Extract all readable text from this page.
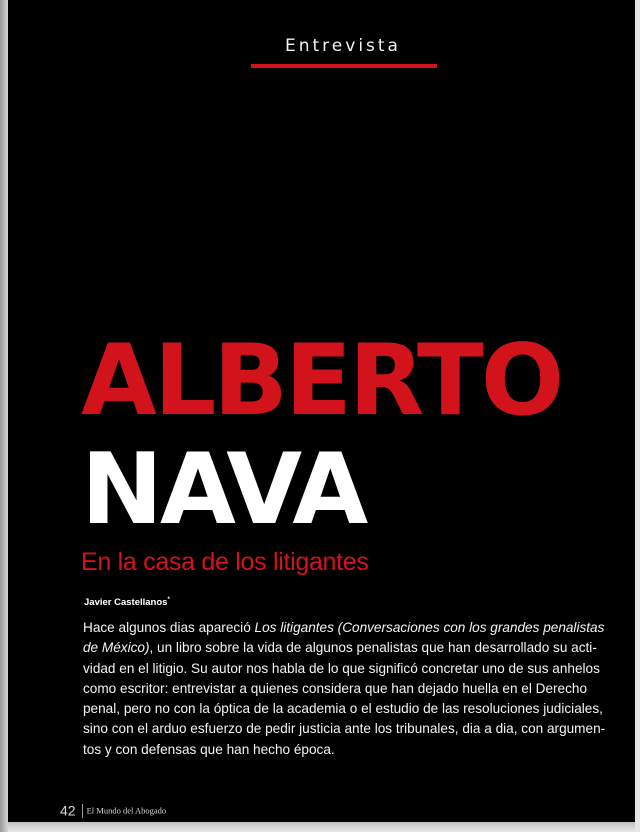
Entrevista
ALBERTO
NAVA
En la casa de los litigantes
Javier Castellanos*

Hace algunos dias apareció Los litigantes (Conversaciones con los grandes penalistas
de México), un libro sobre la vida de algunos penalistas que han desarrollado su acti-
vidad en el litigio. Su autor nos habla de lo que significó concretar uno de sus anhelos
como escritor: entrevistar a quienes considera que han dejado huella en el Derecho
penal, pero no con la óptica de la academia o el estudio de las resoluciones judiciales,
sino con el arduo esfuerzo de pedir justicia ante los tribunales, dia a dia, con argumen-
tos y con defensas que han hecho época.

42 El Mundo del Abogado
